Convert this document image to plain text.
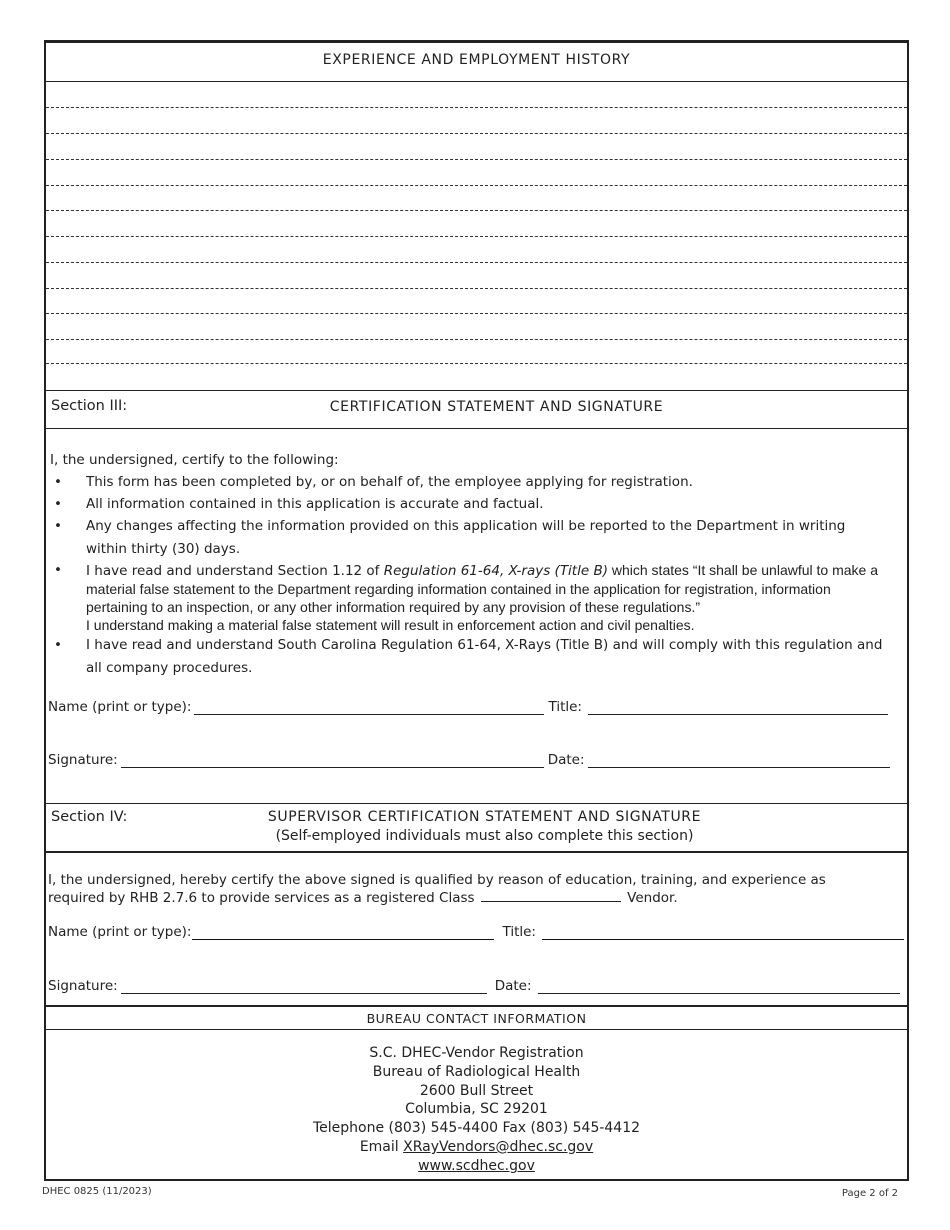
EXPERIENCE AND EMPLOYMENT HISTORY
Section III:	CERTIFICATION STATEMENT AND SIGNATURE
I, the undersigned, certify to the following:
• This form has been completed by, or on behalf of, the employee applying for registration.
• All information contained in this application is accurate and factual.
• Any changes affecting the information provided on this application will be reported to the Department in writing within thirty (30) days.
• I have read and understand Section 1.12 of Regulation 61-64, X-rays (Title B) which states “It shall be unlawful to make a material false statement to the Department regarding information contained in the application for registration, information pertaining to an inspection, or any other information required by any provision of these regulations.”
I understand making a material false statement will result in enforcement action and civil penalties.
• I have read and understand South Carolina Regulation 61-64, X-Rays (Title B) and will comply with this regulation and all company procedures.
Name (print or type):	Title:
Signature:	Date:
Section IV:	SUPERVISOR CERTIFICATION STATEMENT AND SIGNATURE
(Self-employed individuals must also complete this section)
I, the undersigned, hereby certify the above signed is qualified by reason of education, training, and experience as required by RHB 2.7.6 to provide services as a registered Class	Vendor.
Name (print or type):	Title:
Signature:	Date:
BUREAU CONTACT INFORMATION
S.C. DHEC-Vendor Registration
Bureau of Radiological Health
2600 Bull Street
Columbia, SC 29201
Telephone (803) 545-4400 Fax (803) 545-4412
Email XRayVendors@dhec.sc.gov
www.scdhec.gov
DHEC 0825 (11/2023)	Page 2 of 2
